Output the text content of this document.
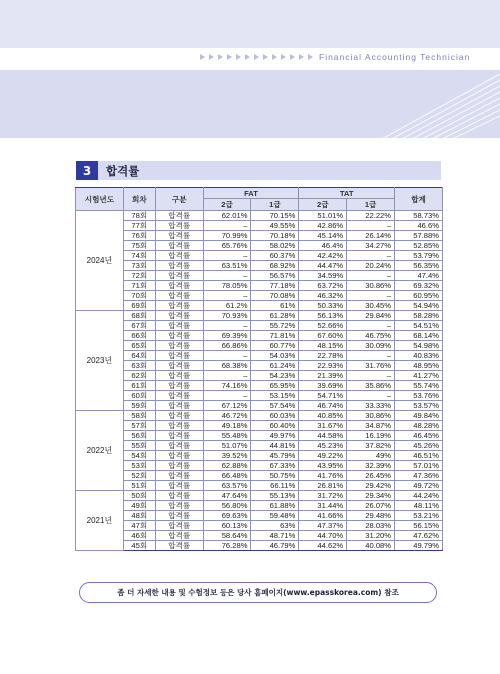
Financial Accounting Technician
3	합격률
시험년도	회차	구분	FAT		TAT		합계
			2급	1급	2급	1급	
2024년	78회	합격률	62.01%	70.15%	51.01%	22.22%	58.73%
	77회	합격률	–	49.55%	42.86%	–	46.6%
	76회	합격률	70.99%	70.18%	45.14%	26.14%	57.88%
	75회	합격률	65.76%	58.02%	46.4%	34.27%	52.85%
	74회	합격률	–	60.37%	42.42%	–	53.79%
	73회	합격률	63.51%	68.92%	44.47%	20.24%	56.35%
	72회	합격률	–	56.57%	34.59%	–	47.4%
	71회	합격률	78.05%	77.18%	63.72%	30.86%	69.32%
	70회	합격률	–	70.08%	46.32%	–	60.95%
	69회	합격률	61.2%	61%	50.33%	30.45%	54.94%
2023년	68회	합격률	70.93%	61.28%	56.13%	29.84%	58.28%
	67회	합격률	–	55.72%	52.66%	–	54.51%
	66회	합격률	69.39%	71.81%	67.60%	46.75%	68.14%
	65회	합격률	66.86%	60.77%	48.15%	30.09%	54.98%
	64회	합격률	–	54.03%	22.78%	–	40.83%
	63회	합격률	68.38%	61.24%	22.93%	31.76%	48.95%
	62회	합격률	–	54.23%	21.39%	–	41.27%
	61회	합격률	74.16%	65.95%	39.69%	35.86%	55.74%
	60회	합격률	–	53.15%	54.71%	–	53.76%
	59회	합격률	67.12%	57.54%	46.74%	33.33%	53.57%
2022년	58회	합격률	46.72%	60.03%	40.85%	30.86%	49.84%
	57회	합격률	49.18%	60.40%	31.67%	34.87%	48.28%
	56회	합격률	55.48%	49.97%	44.58%	16.19%	46.45%
	55회	합격률	51.07%	44.81%	45.23%	37.82%	45.26%
	54회	합격률	39.52%	45.79%	49.22%	49%	46.51%
	53회	합격률	62.88%	67.33%	43.95%	32.39%	57.01%
	52회	합격률	66.48%	50.75%	41.76%	26.45%	47.36%
	51회	합격률	63.57%	66.11%	26.81%	29.42%	49.72%
2021년	50회	합격률	47.64%	55.13%	31.72%	29.34%	44.24%
	49회	합격률	56.80%	61.88%	31.44%	26.07%	48.11%
	48회	합격률	69.63%	59.48%	41.66%	29.48%	53.21%
	47회	합격률	60.13%	63%	47.37%	28.03%	56.15%
	46회	합격률	58.64%	48.71%	44.70%	31.20%	47.62%
	45회	합격률	76.28%	46.79%	44.62%	40.08%	49.79%
좀 더 자세한 내용 및 수험정보 등은 당사 홈페이지(www.epasskorea.com) 참조
